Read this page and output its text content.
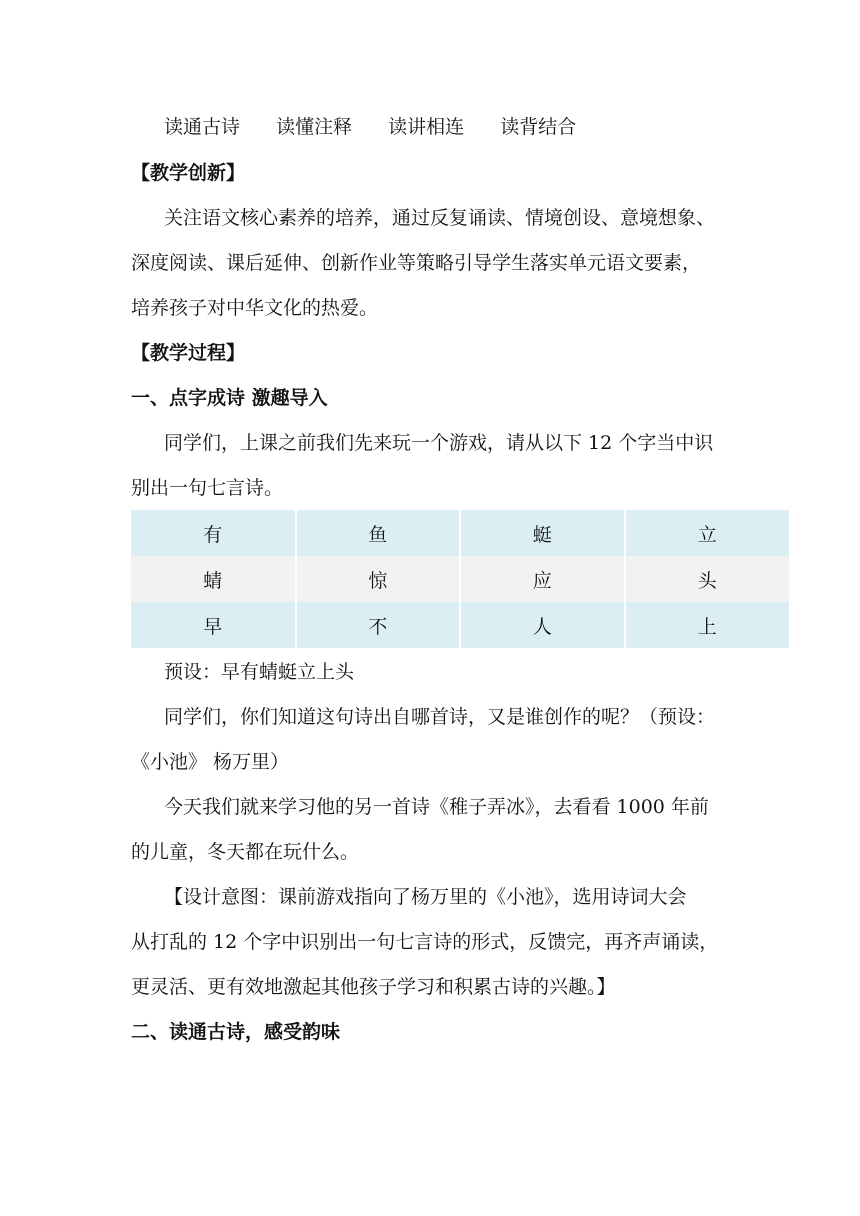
读通古诗 读懂注释 读讲相连 读背结合
【教学创新】
关注语文核心素养的培养，通过反复诵读、情境创设、意境想象、
深度阅读、课后延伸、创新作业等策略引导学生落实单元语文要素，
培养孩子对中华文化的热爱。
【教学过程】
一、点字成诗 激趣导入
同学们，上课之前我们先来玩一个游戏，请从以下 12 个字当中识
别出一句七言诗。
有	鱼	蜓	立
蜻	惊	应	头
早	不	人	上
预设：早有蜻蜓立上头
同学们，你们知道这句诗出自哪首诗，又是谁创作的呢？（预设：
《小池》 杨万里）
今天我们就来学习他的另一首诗《稚子弄冰》，去看看 1000 年前
的儿童，冬天都在玩什么。
【设计意图：课前游戏指向了杨万里的《小池》，选用诗词大会
从打乱的 12 个字中识别出一句七言诗的形式，反馈完，再齐声诵读，
更灵活、更有效地激起其他孩子学习和积累古诗的兴趣。】
二、读通古诗，感受韵味
